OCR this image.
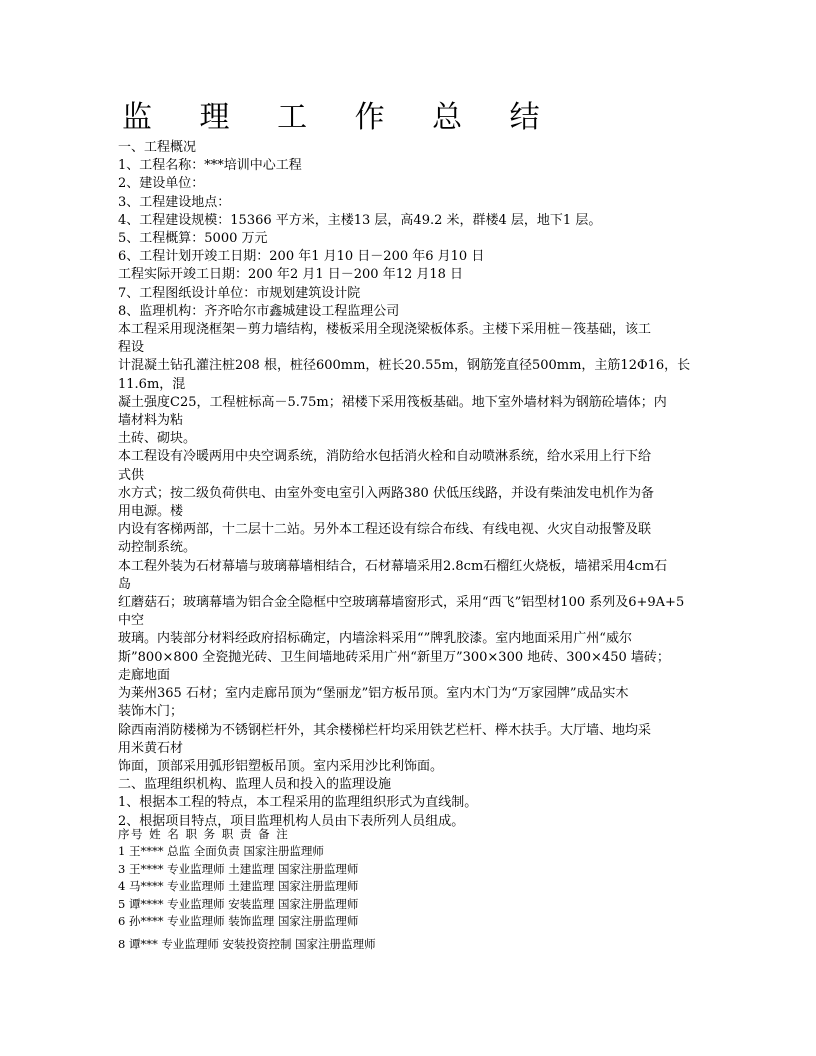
监 理 工 作 总 结

一、工程概况

1、工程名称：***培训中心工程

2、建设单位：

3、工程建设地点：

4、工程建设规模：15366 平方米，主楼13 层，高49.2 米，群楼4 层，地下1 层。

5、工程概算：5000 万元

6、工程计划开竣工日期：200 年1 月10 日－200 年6 月10 日

工程实际开竣工日期：200 年2 月1 日－200 年12 月18 日

7、工程图纸设计单位：市规划建筑设计院

8、监理机构：齐齐哈尔市鑫城建设工程监理公司

本工程采用现浇框架－剪力墙结构，楼板采用全现浇梁板体系。主楼下采用桩－筏基础，该工

程设

计混凝土钻孔灌注桩208 根，桩径600mm，桩长20.55m，钢筋笼直径500mm，主筋12Φ16，长

11.6m，混

凝土强度C25，工程桩标高－5.75m；裙楼下采用筏板基础。地下室外墙材料为钢筋砼墙体；内

墙材料为粘

土砖、砌块。

本工程设有冷暖两用中央空调系统，消防给水包括消火栓和自动喷淋系统，给水采用上行下给

式供

水方式；按二级负荷供电、由室外变电室引入两路380 伏低压线路，并设有柴油发电机作为备

用电源。楼

内设有客梯两部，十二层十二站。另外本工程还设有综合布线、有线电视、火灾自动报警及联

动控制系统。

本工程外装为石材幕墙与玻璃幕墙相结合，石材幕墙采用2.8cm石榴红火烧板，墙裙采用4cm石

岛

红蘑菇石；玻璃幕墙为铝合金全隐框中空玻璃幕墙窗形式，采用“西飞”铝型材100 系列及6+9A+5

中空

玻璃。内装部分材料经政府招标确定，内墙涂料采用“”牌乳胶漆。室内地面采用广州“威尔

斯”800×800 全瓷抛光砖、卫生间墙地砖采用广州“新里万”300×300 地砖、300×450 墙砖；

走廊地面

为莱州365 石材；室内走廊吊顶为“堡丽龙”铝方板吊顶。室内木门为“万家园牌”成品实木

装饰木门；

除西南消防楼梯为不锈钢栏杆外，其余楼梯栏杆均采用铁艺栏杆、榉木扶手。大厅墙、地均采

用米黄石材

饰面，顶部采用弧形铝塑板吊顶。室内采用沙比利饰面。

二、监理组织机构、监理人员和投入的监理设施

1、根据本工程的特点，本工程采用的监理组织形式为直线制。

2、根据项目特点，项目监理机构人员由下表所列人员组成。

序号 姓 名 职 务 职 责 备 注

1 王**** 总监 全面负责 国家注册监理师

3 王**** 专业监理师 土建监理 国家注册监理师

4 马**** 专业监理师 土建监理 国家注册监理师

5 谭**** 专业监理师 安装监理 国家注册监理师

6 孙**** 专业监理师 装饰监理 国家注册监理师

8 谭*** 专业监理师 安装投资控制 国家注册监理师
